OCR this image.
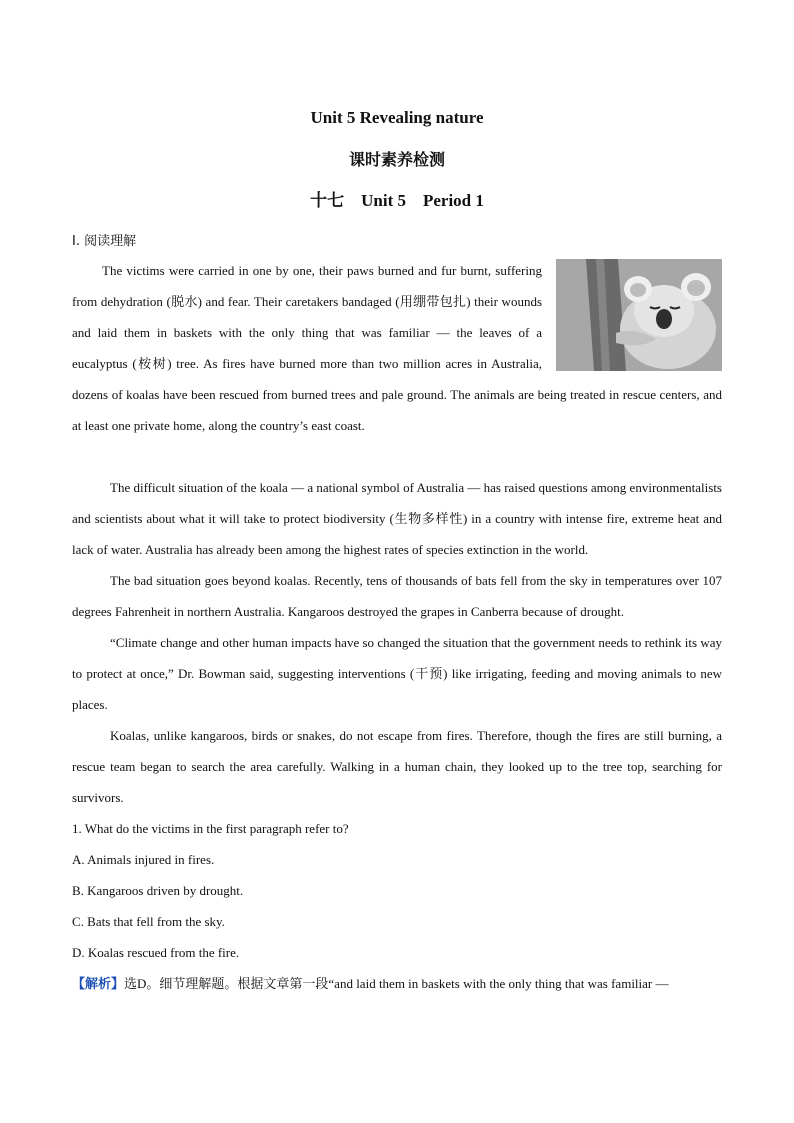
Unit 5 Revealing nature
课时素养检测
十七　Unit 5　Period 1
Ⅰ. 阅读理解

The victims were carried in one by one, their paws burned and fur burnt, suffering from dehydration (脱水) and fear. Their caretakers bandaged (用绷带包扎) their wounds and laid them in baskets with the only thing that was familiar — the leaves of a eucalyptus (桉树) tree. As fires have burned more than two million acres in Australia, dozens of koalas have been rescued from burned trees and pale ground. The animals are being treated in rescue centers, and at least one private home, along the country’s east coast.

The difficult situation of the koala — a national symbol of Australia — has raised questions among environmentalists and scientists about what it will take to protect biodiversity (生物多样性) in a country with intense fire, extreme heat and lack of water. Australia has already been among the highest rates of species extinction in the world.

The bad situation goes beyond koalas. Recently, tens of thousands of bats fell from the sky in temperatures over 107 degrees Fahrenheit in northern Australia. Kangaroos destroyed the grapes in Canberra because of drought.

“Climate change and other human impacts have so changed the situation that the government needs to rethink its way to protect at once,” Dr. Bowman said, suggesting interventions (干预) like irrigating, feeding and moving animals to new places.

Koalas, unlike kangaroos, birds or snakes, do not escape from fires. Therefore, though the fires are still burning, a rescue team began to search the area carefully. Walking in a human chain, they looked up to the tree top, searching for survivors.

1. What do the victims in the first paragraph refer to?

A. Animals injured in fires.

B. Kangaroos driven by drought.

C. Bats that fell from the sky.

D. Koalas rescued from the fire.

【解析】选D。细节理解题。根据文章第一段“and laid them in baskets with the only thing that was familiar —
